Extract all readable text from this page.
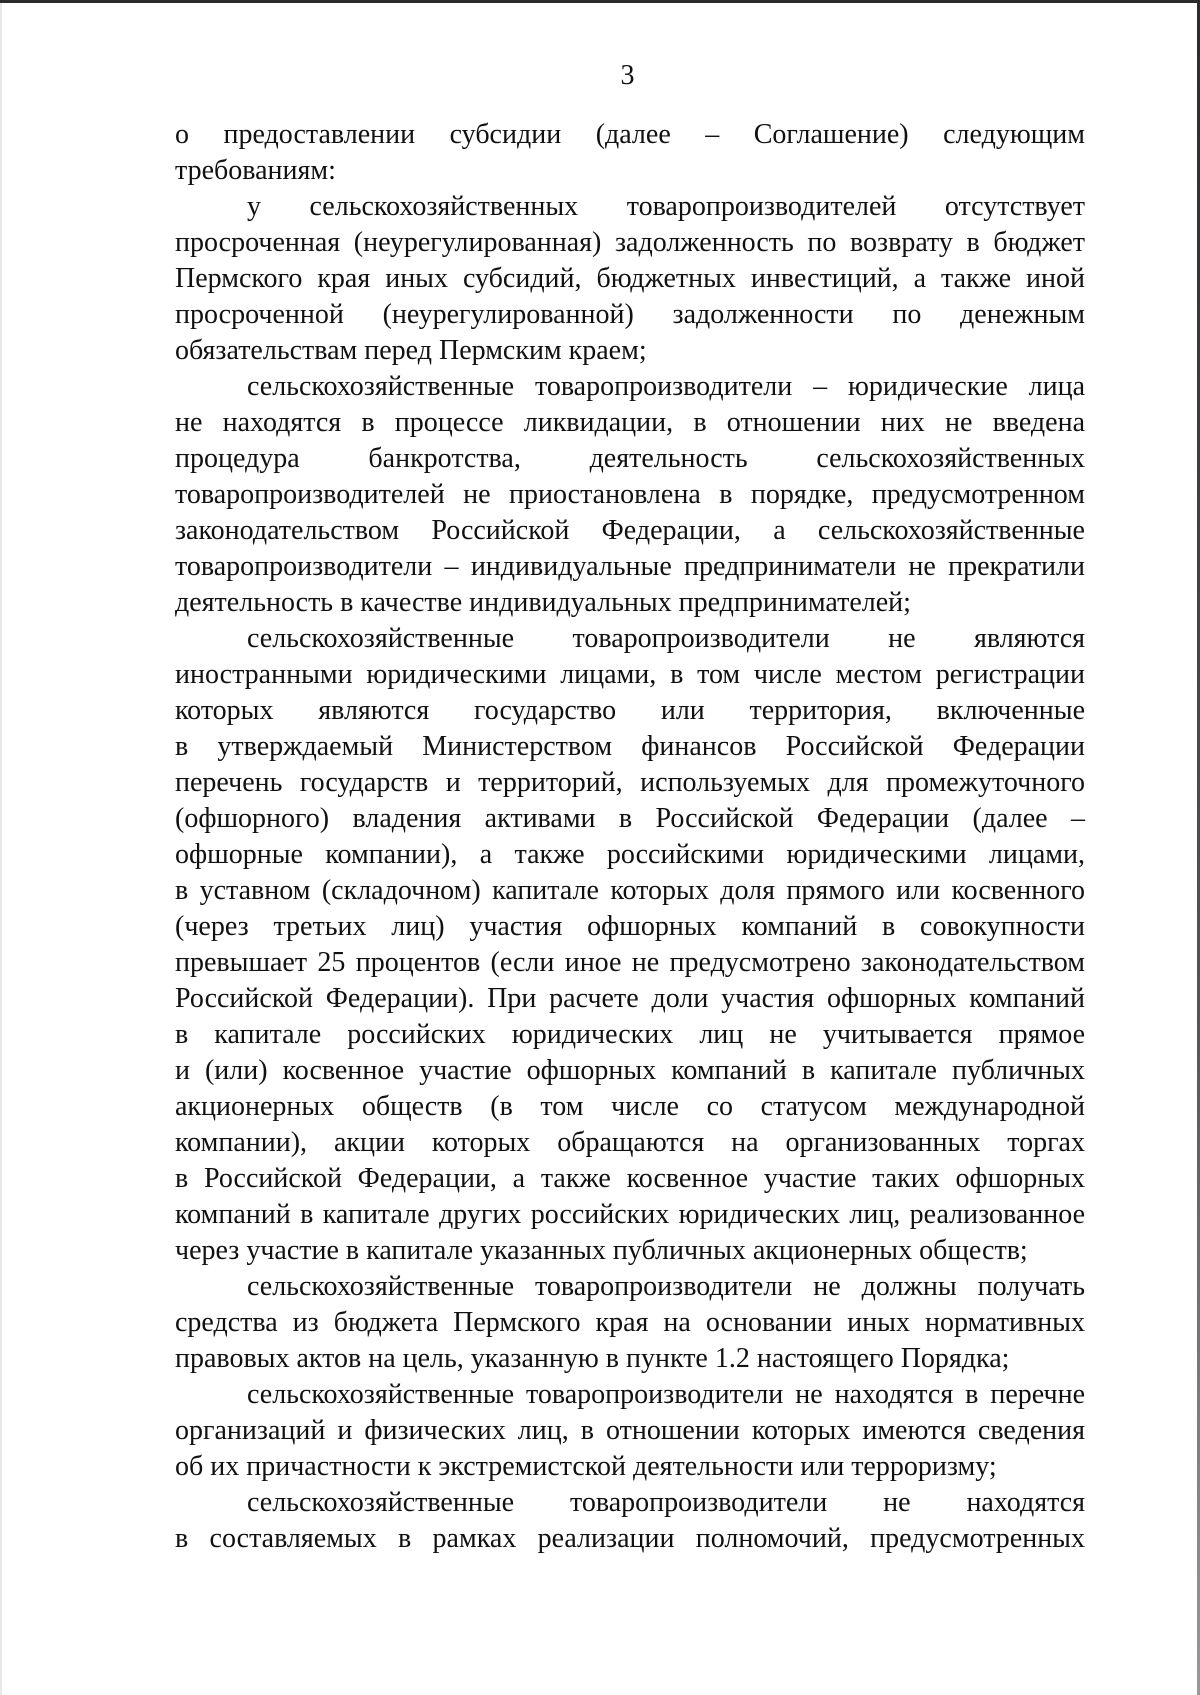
3
о предоставлении субсидии (далее – Соглашение) следующим
требованиям:
у сельскохозяйственных товаропроизводителей отсутствует
просроченная (неурегулированная) задолженность по возврату в бюджет
Пермского края иных субсидий, бюджетных инвестиций, а также иной
просроченной (неурегулированной) задолженности по денежным
обязательствам перед Пермским краем;
сельскохозяйственные товаропроизводители – юридические лица
не находятся в процессе ликвидации, в отношении них не введена
процедура банкротства, деятельность сельскохозяйственных
товаропроизводителей не приостановлена в порядке, предусмотренном
законодательством Российской Федерации, а сельскохозяйственные
товаропроизводители – индивидуальные предприниматели не прекратили
деятельность в качестве индивидуальных предпринимателей;
сельскохозяйственные товаропроизводители не являются
иностранными юридическими лицами, в том числе местом регистрации
которых являются государство или территория, включенные
в утверждаемый Министерством финансов Российской Федерации
перечень государств и территорий, используемых для промежуточного
(офшорного) владения активами в Российской Федерации (далее –
офшорные компании), а также российскими юридическими лицами,
в уставном (складочном) капитале которых доля прямого или косвенного
(через третьих лиц) участия офшорных компаний в совокупности
превышает 25 процентов (если иное не предусмотрено законодательством
Российской Федерации). При расчете доли участия офшорных компаний
в капитале российских юридических лиц не учитывается прямое
и (или) косвенное участие офшорных компаний в капитале публичных
акционерных обществ (в том числе со статусом международной
компании), акции которых обращаются на организованных торгах
в Российской Федерации, а также косвенное участие таких офшорных
компаний в капитале других российских юридических лиц, реализованное
через участие в капитале указанных публичных акционерных обществ;
сельскохозяйственные товаропроизводители не должны получать
средства из бюджета Пермского края на основании иных нормативных
правовых актов на цель, указанную в пункте 1.2 настоящего Порядка;
сельскохозяйственные товаропроизводители не находятся в перечне
организаций и физических лиц, в отношении которых имеются сведения
об их причастности к экстремистской деятельности или терроризму;
сельскохозяйственные товаропроизводители не находятся
в составляемых в рамках реализации полномочий, предусмотренных
